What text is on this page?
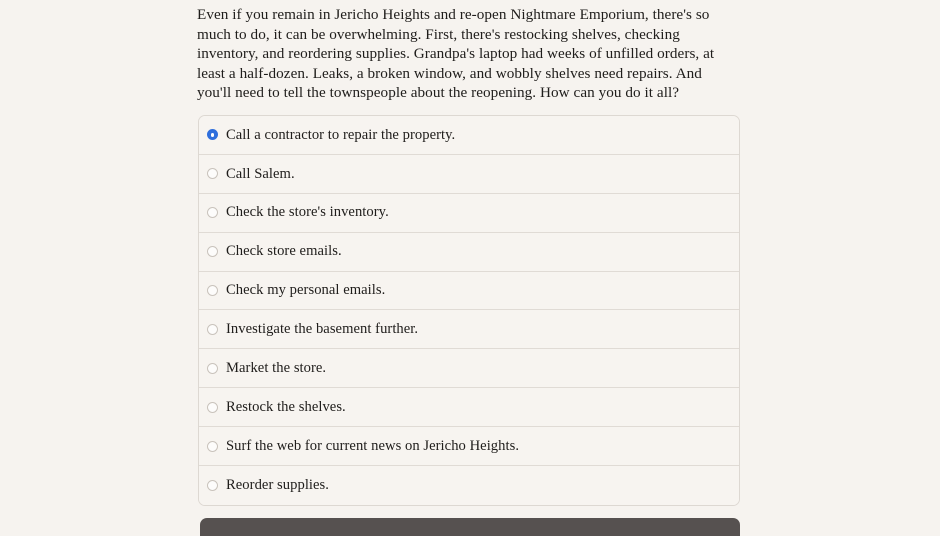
Even if you remain in Jericho Heights and re-open Nightmare Emporium, there's so much to do, it can be overwhelming. First, there's restocking shelves, checking inventory, and reordering supplies. Grandpa's laptop had weeks of unfilled orders, at least a half-dozen. Leaks, a broken window, and wobbly shelves need repairs. And you'll need to tell the townspeople about the reopening. How can you do it all?

Call a contractor to repair the property.
Call Salem.
Check the store's inventory.
Check store emails.
Check my personal emails.
Investigate the basement further.
Market the store.
Restock the shelves.
Surf the web for current news on Jericho Heights.
Reorder supplies.
